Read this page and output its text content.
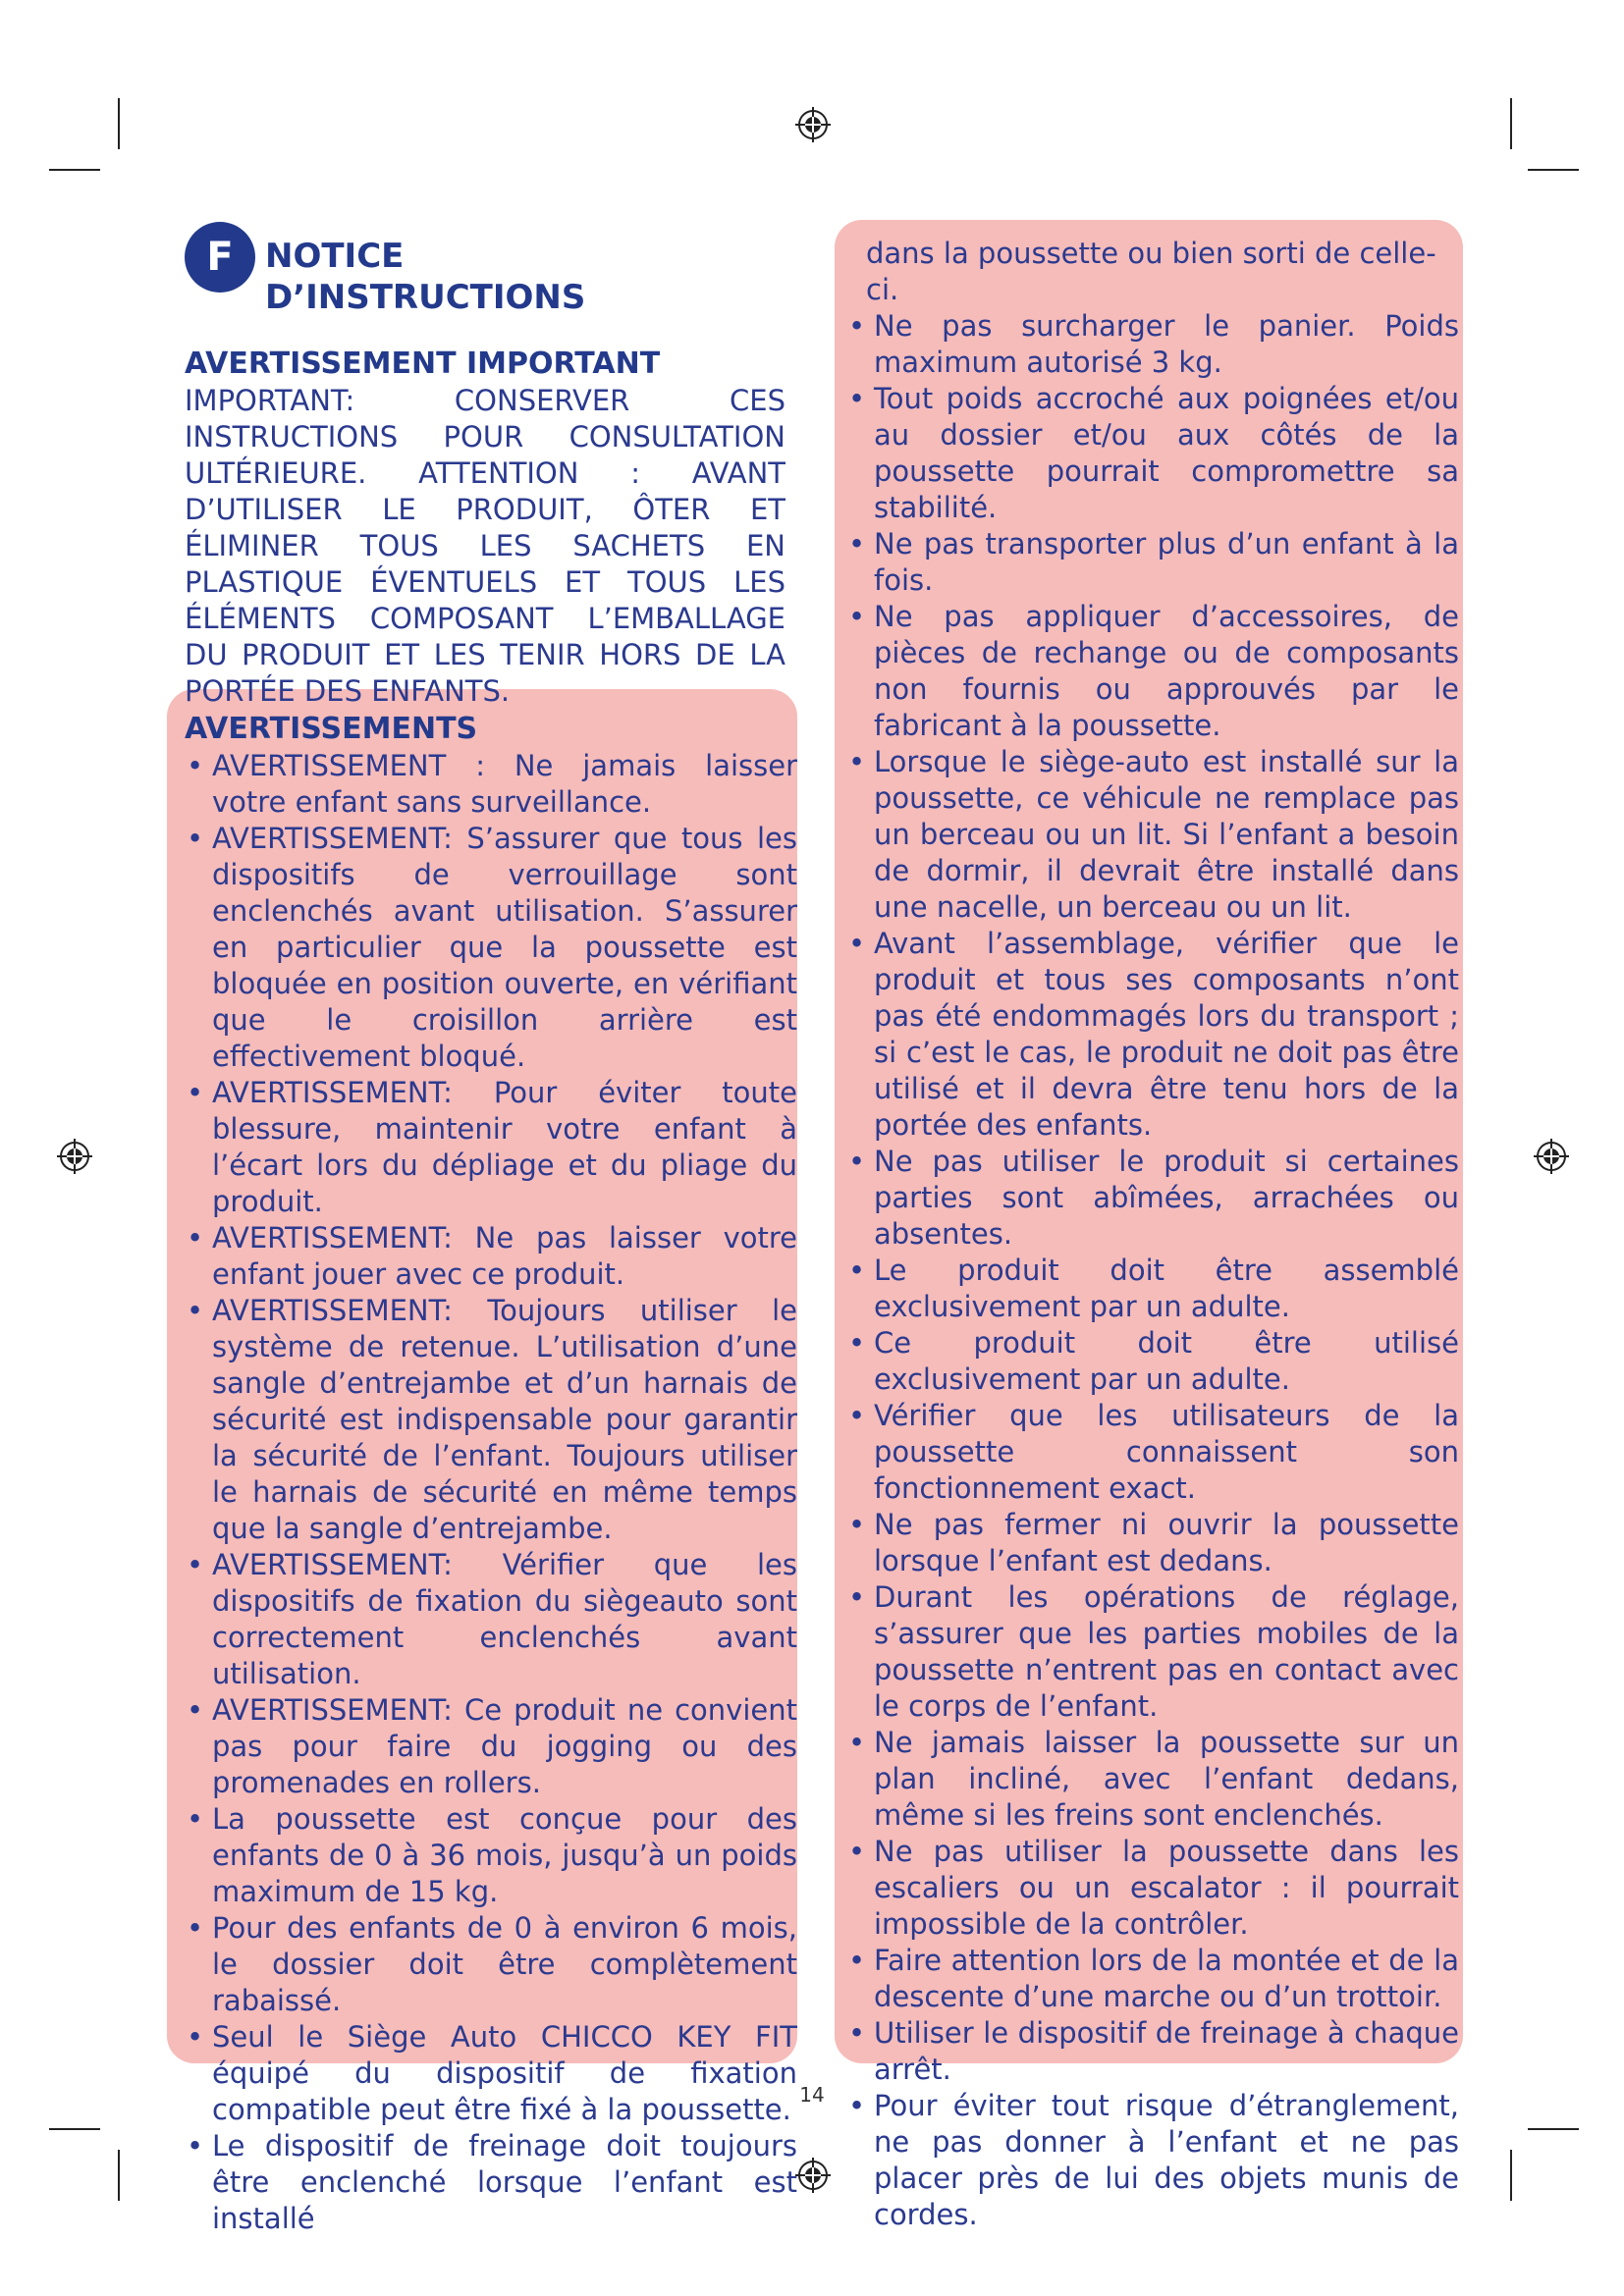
F NOTICE
D’INSTRUCTIONS

AVERTISSEMENT IMPORTANT

IMPORTANT: CONSERVER CES INSTRUCTIONS POUR CONSULTATION ULTÉRIEURE. ATTENTION : AVANT D’UTILISER LE PRODUIT, ÔTER ET ÉLIMINER TOUS LES SACHETS EN PLASTIQUE ÉVENTUELS ET TOUS LES ÉLÉMENTS COMPOSANT L’EMBALLAGE DU PRODUIT ET LES TENIR HORS DE LA PORTÉE DES ENFANTS.

AVERTISSEMENTS

• AVERTISSEMENT : Ne jamais laisser votre enfant sans surveillance.
• AVERTISSEMENT: S’assurer que tous les dispositifs de verrouillage sont enclenchés avant utilisation. S’assurer en particulier que la poussette est bloquée en position ouverte, en vérifiant que le croisillon arrière est effectivement bloqué.
• AVERTISSEMENT: Pour éviter toute blessure, maintenir votre enfant à l’écart lors du dépliage et du pliage du produit.
• AVERTISSEMENT: Ne pas laisser votre enfant jouer avec ce produit.
• AVERTISSEMENT: Toujours utiliser le système de retenue. L’utilisation d’une sangle d’entrejambe et d’un harnais de sécurité est indispensable pour garantir la sécurité de l’enfant. Toujours utiliser le harnais de sécurité en même temps que la sangle d’entrejambe.
• AVERTISSEMENT: Vérifier que les dispositifs de fixation du siègeauto sont correctement enclenchés avant utilisation.
• AVERTISSEMENT: Ce produit ne convient pas pour faire du jogging ou des promenades en rollers.
• La poussette est conçue pour des enfants de 0 à 36 mois, jusqu’à un poids maximum de 15 kg.
• Pour des enfants de 0 à environ 6 mois, le dossier doit être complètement rabaissé.
• Seul le Siège Auto CHICCO KEY FIT équipé du dispositif de fixation compatible peut être fixé à la poussette.
• Le dispositif de freinage doit toujours être enclenché lorsque l’enfant est installé

dans la poussette ou bien sorti de celle-ci.

• Ne pas surcharger le panier. Poids maximum autorisé 3 kg.
• Tout poids accroché aux poignées et/ou au dossier et/ou aux côtés de la poussette pourrait compromettre sa stabilité.
• Ne pas transporter plus d’un enfant à la fois.
• Ne pas appliquer d’accessoires, de pièces de rechange ou de composants non fournis ou approuvés par le fabricant à la poussette.
• Lorsque le siège-auto est installé sur la poussette, ce véhicule ne remplace pas un berceau ou un lit. Si l’enfant a besoin de dormir, il devrait être installé dans une nacelle, un berceau ou un lit.
• Avant l’assemblage, vérifier que le produit et tous ses composants n’ont pas été endommagés lors du transport ; si c’est le cas, le produit ne doit pas être utilisé et il devra être tenu hors de la portée des enfants.
• Ne pas utiliser le produit si certaines parties sont abîmées, arrachées ou absentes.
• Le produit doit être assemblé exclusivement par un adulte.
• Ce produit doit être utilisé exclusivement par un adulte.
• Vérifier que les utilisateurs de la poussette connaissent son fonctionnement exact.
• Ne pas fermer ni ouvrir la poussette lorsque l’enfant est dedans.
• Durant les opérations de réglage, s’assurer que les parties mobiles de la poussette n’entrent pas en contact avec le corps de l’enfant.
• Ne jamais laisser la poussette sur un plan incliné, avec l’enfant dedans, même si les freins sont enclenchés.
• Ne pas utiliser la poussette dans les escaliers ou un escalator : il pourrait impossible de la contrôler.
• Faire attention lors de la montée et de la descente d’une marche ou d’un trottoir.
• Utiliser le dispositif de freinage à chaque arrêt.
• Pour éviter tout risque d’étranglement, ne pas donner à l’enfant et ne pas placer près de lui des objets munis de cordes.
14
